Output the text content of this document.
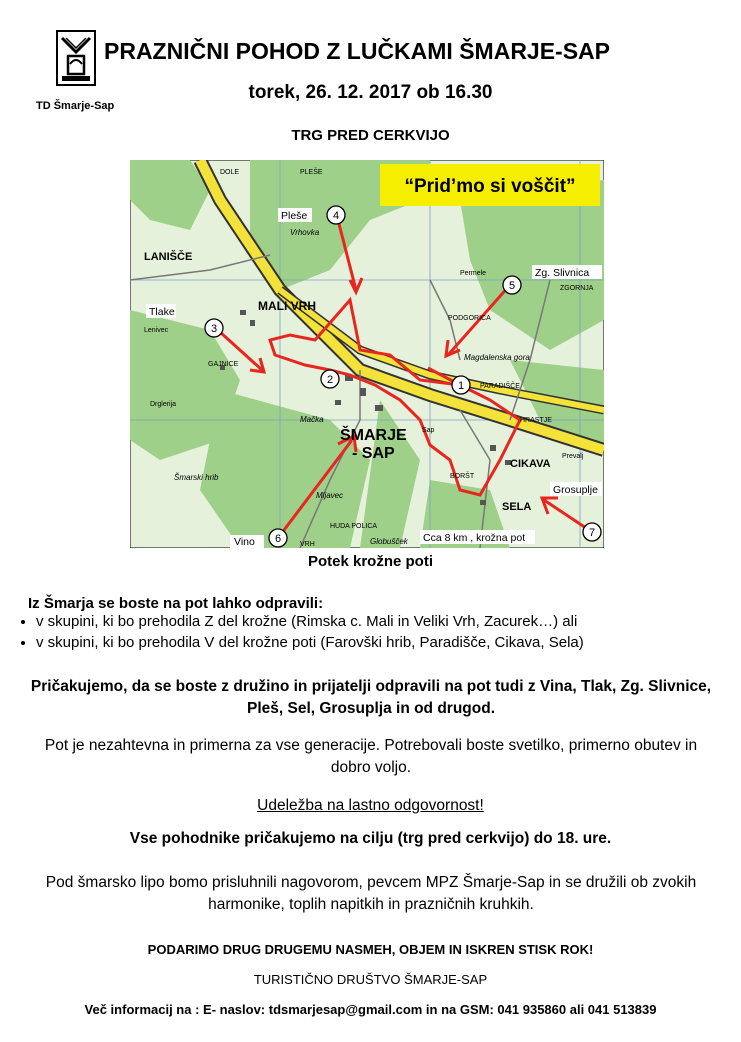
TD Šmarje-Sap
PRAZNIČNI POHOD Z LUČKAMI ŠMARJE-SAP
torek, 26. 12. 2017 ob 16.30
TRG PRED CERKVIJO
1
2
3
4
5
6	7
Tlake
Pleše
Zg. Slivnica
Vino
Grosuplje
Cca 8 km , krožna pot
MALI VRH
ŠMARJE
- SAP
LANIŠČE
CIKAVA
SELA
PARADIŠČE
PODGORICA
HRASTJE
GAJNICE
Lenivec
Mačka
Šmarski hrib
HUDA POLICA
Mljavec
BORŠT
Drglerija
DOLE	PLEŠE
Vrhovka
Magdalenska gora
Permele
ZGORNJA
Sap
Prevalj
Globušček
VRH
“Prid’mo si voščit”
Potek krožne poti
Iz Šmarja se boste na pot lahko odpravili:
• v skupini, ki bo prehodila Z del krožne (Rimska c. Mali in Veliki Vrh, Zacurek…) ali
• v skupini, ki bo prehodila V del krožne poti (Farovški hrib, Paradišče, Cikava, Sela)
Pričakujemo, da se boste z družino in prijatelji odpravili na pot tudi z Vina, Tlak, Zg. Slivnice, Pleš, Sel, Grosuplja in od drugod.
Pot je nezahtevna in primerna za vse generacije. Potrebovali boste svetilko, primerno obutev in dobro voljo.
Udeležba na lastno odgovornost!
Vse pohodnike pričakujemo na cilju (trg pred cerkvijo) do 18. ure.
Pod šmarsko lipo bomo prisluhnili nagovorom, pevcem MPZ Šmarje-Sap in se družili ob zvokih harmonike, toplih napitkih in prazničnih kruhkih.
PODARIMO DRUG DRUGEMU NASMEH, OBJEM IN ISKREN STISK ROK!
TURISTIČNO DRUŠTVO ŠMARJE-SAP
Več informacij na : E- naslov: tdsmarjesap@gmail.com in na GSM: 041 935860 ali 041 513839
